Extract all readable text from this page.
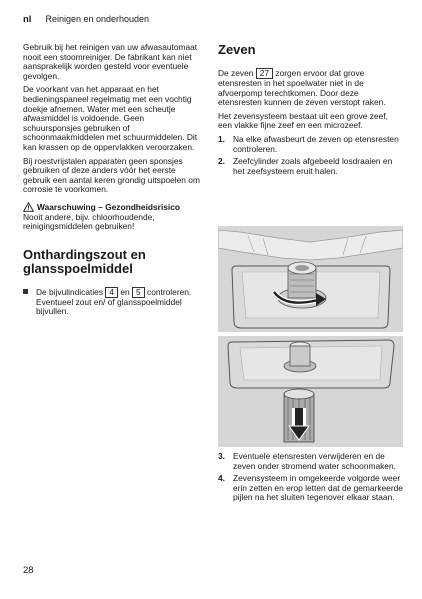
nl Reinigen en onderhouden

Gebruik bij het reinigen van uw afwasautomaat nooit een stoomreiniger. De fabrikant kan niet aansprakelijk worden gesteld voor eventuele gevolgen.

De voorkant van het apparaat en het bedieningspaneel regelmatig met een vochtig doekje afnemen. Water met een scheutje afwasmiddel is voldoende. Geen schuursponsjes gebruiken of schoonmaakmiddelen met schuurmiddelen. Dit kan krassen op de oppervlakken veroorzaken.

Bij roestvrijstalen apparaten geen sponsjes gebruiken of deze anders vóór het eerste gebruik een aantal keren grondig uitspoelen om corrosie te voorkomen.

Waarschuwing – Gezondheidsrisico

Nooit andere, bijv. chloorhoudende, reinigingsmiddelen gebruiken!

Onthardingszout en glansspoelmiddel
De bijvulindicaties 4 en 5 controleren. Eventueel zout en/ of glansspoelmiddel bijvullen.
Zeven

De zeven 27 zorgen ervoor dat grove etensresten in het spoelwater niet in de afvoerpomp terechtkomen. Door deze etensresten kunnen de zeven verstopt raken.

Het zevensysteem bestaat uit een grove zeef, een vlakke fijne zeef en een microzeef.

1. Na elke afwasbeurt de zeven op etensresten controleren.
2. Zeefcylinder zoals afgebeeld losdraaien en het zeefsysteem eruit halen.
3. Eventuele etensresten verwijderen en de zeven onder stromend water schoonmaken.
4. Zevensysteem in omgekeerde volgorde weer erin zetten en erop letten dat de gemarkeerde pijlen na het sluiten tegenover elkaar staan.
28
